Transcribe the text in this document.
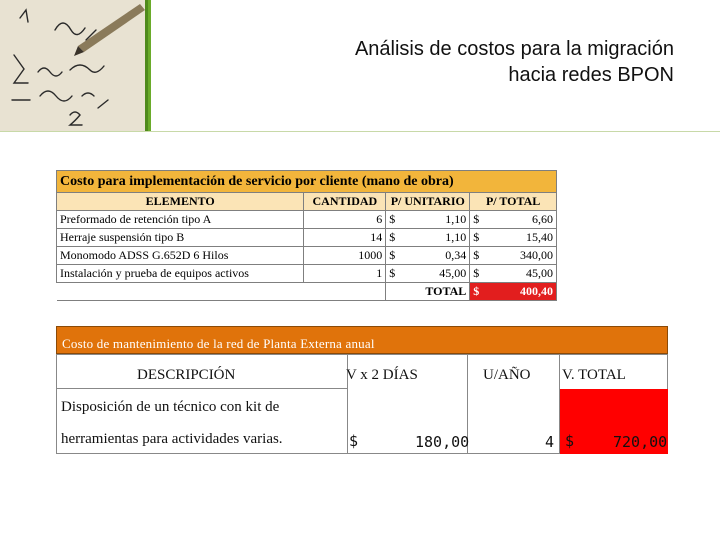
Análisis de costos para la migración
hacia redes BPON
Costo para implementación de servicio por cliente (mano de obra)					
ELEMENTO	CANTIDAD	P/ UNITARIO		P/ TOTAL	
Preformado de retención tipo A	6	$	1,10	$	6,60
Herraje suspensión tipo B	14	$	1,10	$	15,40
Monomodo ADSS G.652D 6 Hilos	1000	$	0,34	$	340,00
Instalación y prueba de equipos activos	1	$	45,00	$	45,00
		TOTAL		$	400,40
Costo de mantenimiento de la red de Planta Externa anual
DESCRIPCIÓN	V x 2 DÍAS	U/AÑO V. TOTAL
Disposición de un técnico con kit de
herramientas para actividades varias.	$	180,00	4 $	720,00
